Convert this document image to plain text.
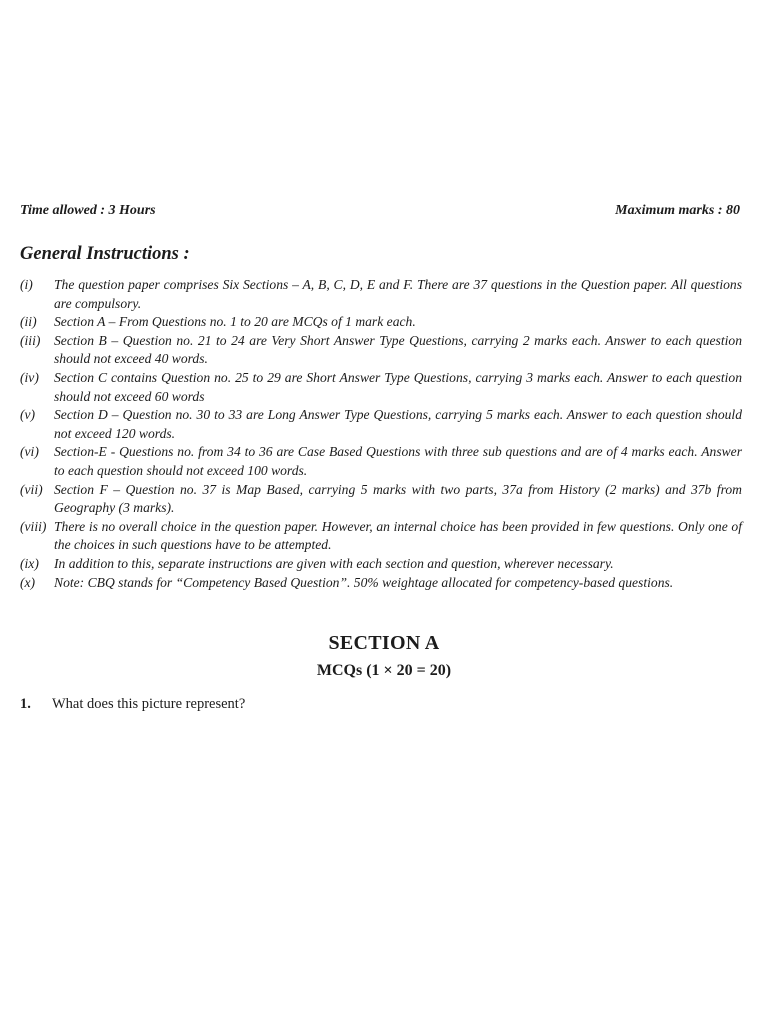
Time allowed : 3 Hours	Maximum marks : 80
General Instructions :
(i)	The question paper comprises Six Sections – A, B, C, D, E and F. There are 37 questions in the Question paper. All questions are compulsory.
(ii)	Section A – From Questions no. 1 to 20 are MCQs of 1 mark each.
(iii)	Section B – Question no. 21 to 24 are Very Short Answer Type Questions, carrying 2 marks each. Answer to each question should not exceed 40 words.
(iv)	Section C contains Question no. 25 to 29 are Short Answer Type Questions, carrying 3 marks each. Answer to each question should not exceed 60 words
(v)	Section D – Question no. 30 to 33 are Long Answer Type Questions, carrying 5 marks each. Answer to each question should not exceed 120 words.
(vi)	Section-E - Questions no. from 34 to 36 are Case Based Questions with three sub questions and are of 4 marks each. Answer to each question should not exceed 100 words.
(vii) Section F – Question no. 37 is Map Based, carrying 5 marks with two parts, 37a from History (2 marks) and 37b from Geography (3 marks).
(viii) There is no overall choice in the question paper. However, an internal choice has been provided in few questions. Only one of the choices in such questions have to be attempted.
(ix)	In addition to this, separate instructions are given with each section and question, wherever necessary.
(x)	Note: CBQ stands for “Competency Based Question”. 50% weightage allocated for competency-based questions.
SECTION A
MCQs (1 × 20 = 20)
1.	What does this picture represent?
